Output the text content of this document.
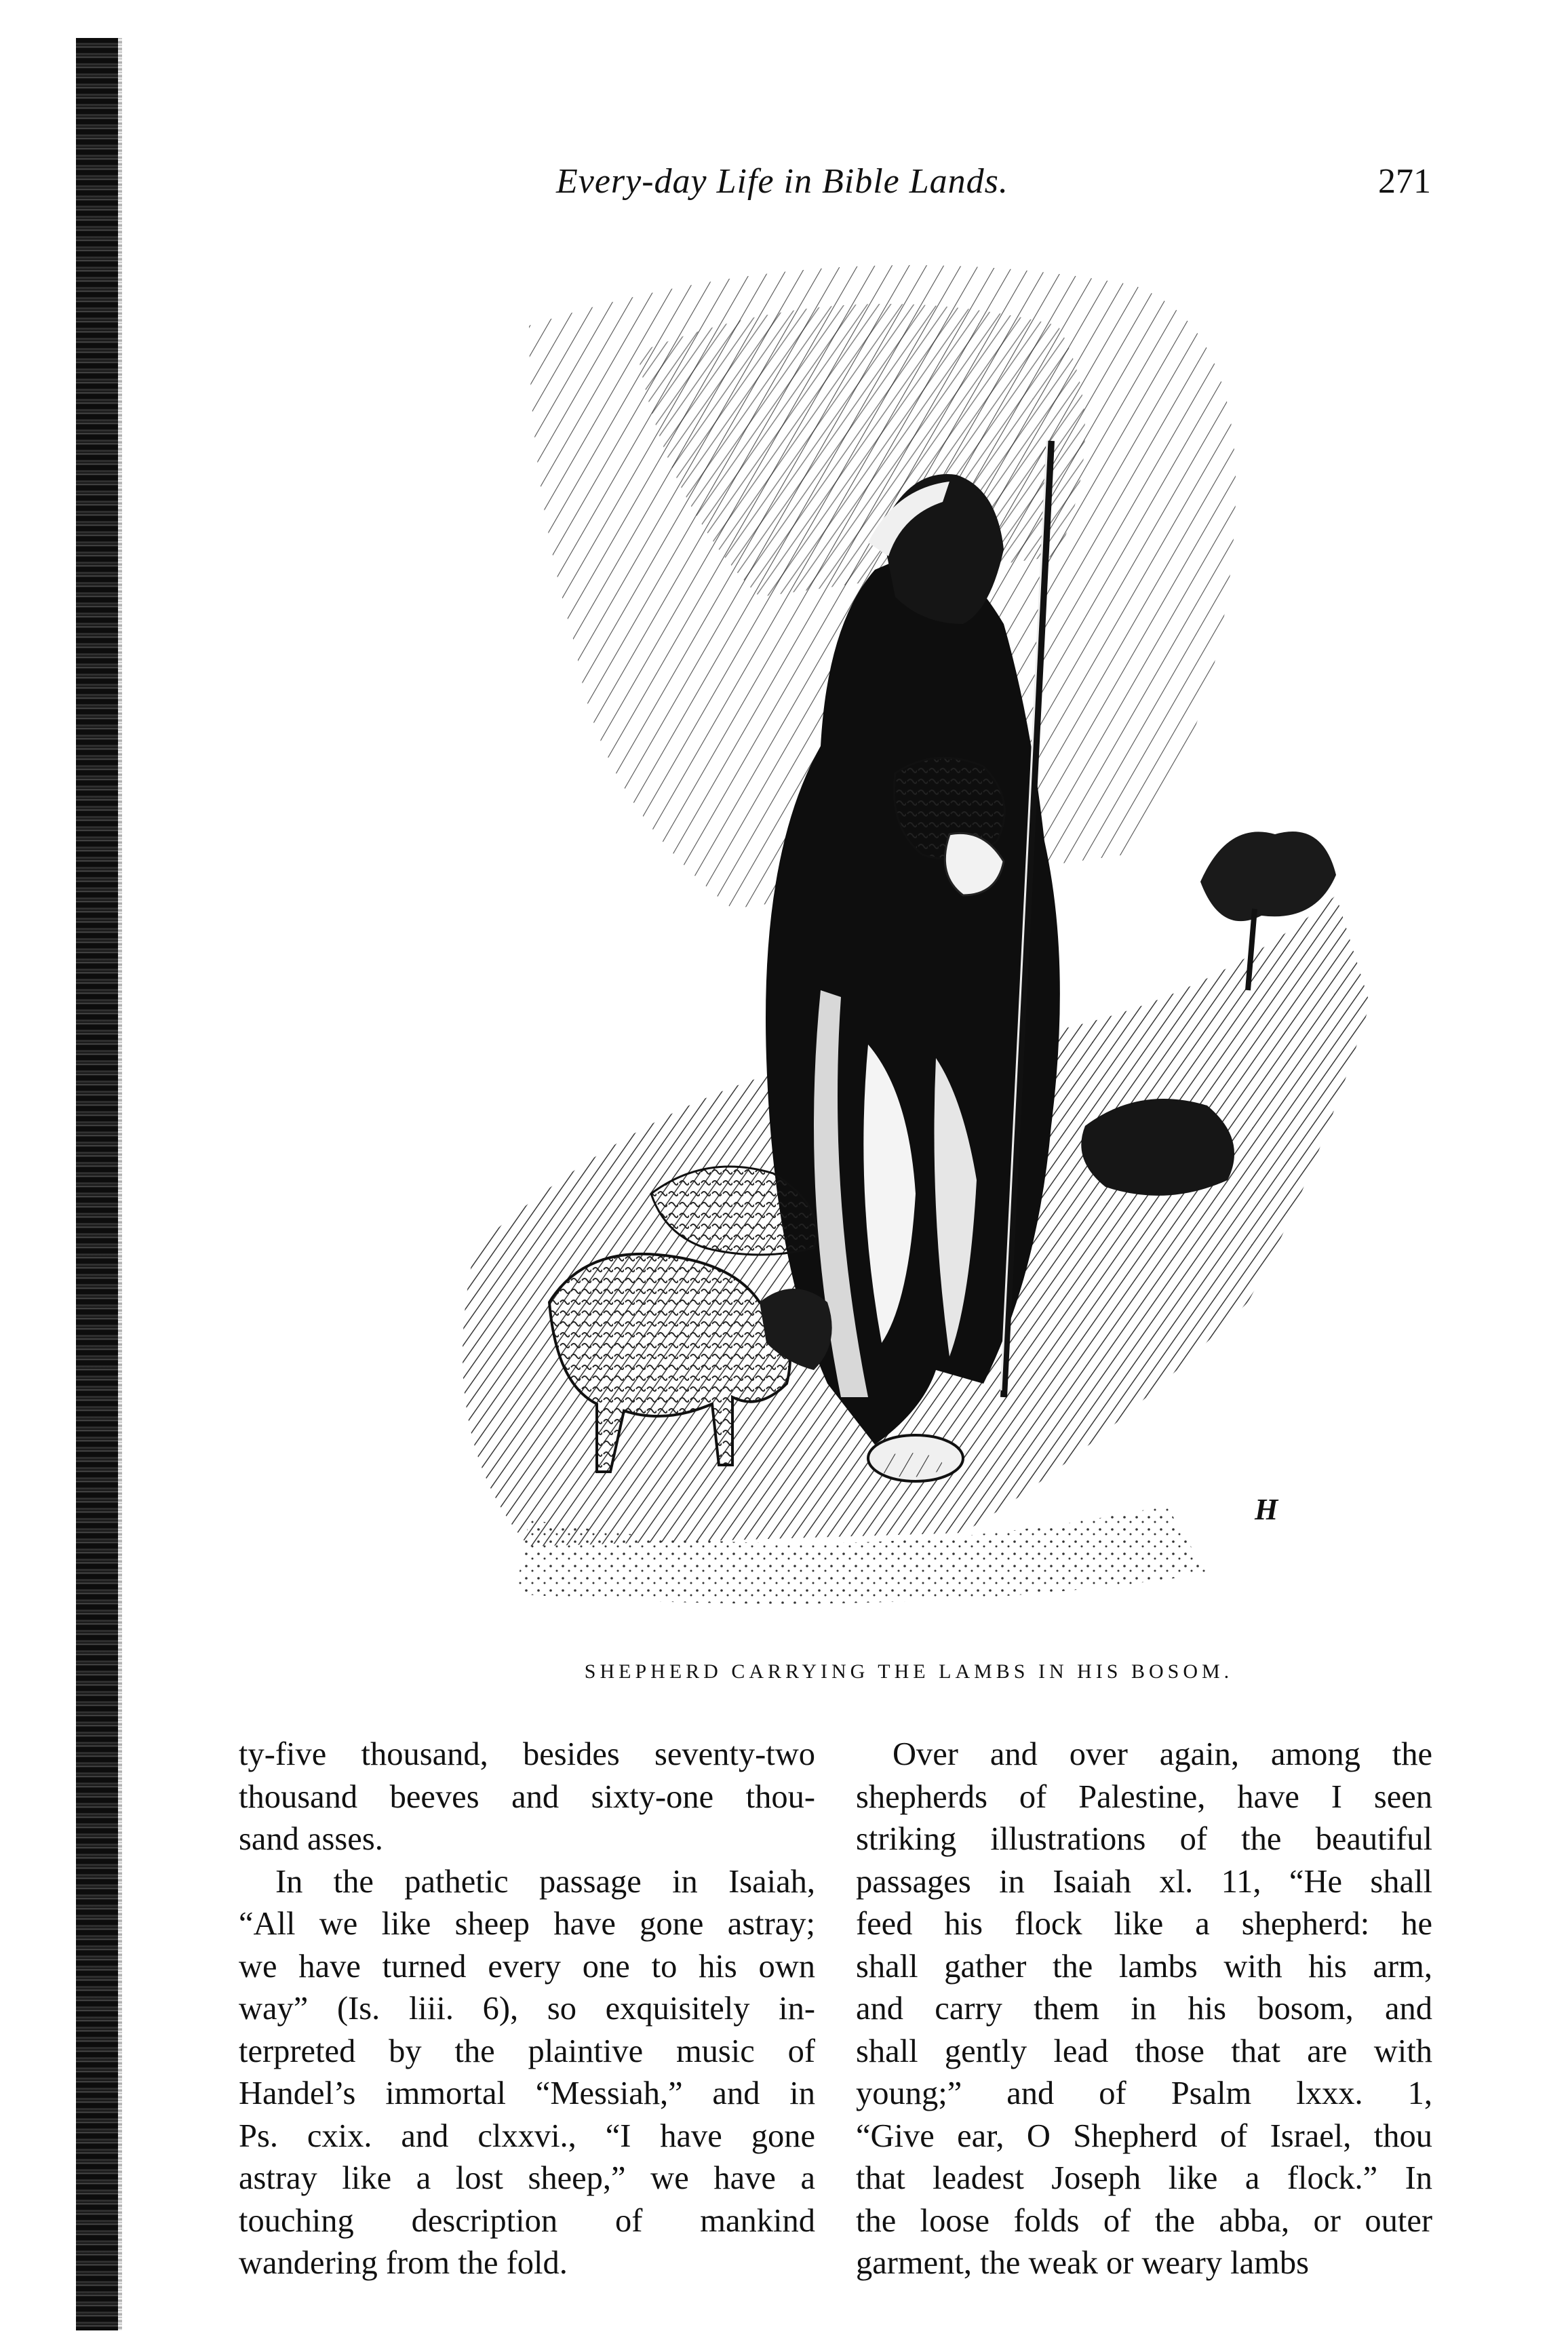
Every-day Life in Bible Lands.	271
H
SHEPHERD CARRYING THE LAMBS IN HIS BOSOM.

ty-five thousand, besides seventy-two
thousand beeves and sixty-one thou-
sand asses.

In the pathetic passage in Isaiah,
“All we like sheep have gone astray;
we have turned every one to his own
way” (Is. liii. 6), so exquisitely in-
terpreted by the plaintive music of
Handel’s immortal “Messiah,” and in
Ps. cxix. and clxxvi., “I have gone
astray like a lost sheep,” we have a
touching description of mankind
wandering from the fold.

Over and over again, among the
shepherds of Palestine, have I seen
striking illustrations of the beautiful
passages in Isaiah xl. 11, “He shall
feed his flock like a shepherd: he
shall gather the lambs with his arm,
and carry them in his bosom, and
shall gently lead those that are with
young;” and of Psalm lxxx. 1,
“Give ear, O Shepherd of Israel, thou
that leadest Joseph like a flock.” In
the loose folds of the abba, or outer
garment, the weak or weary lambs
